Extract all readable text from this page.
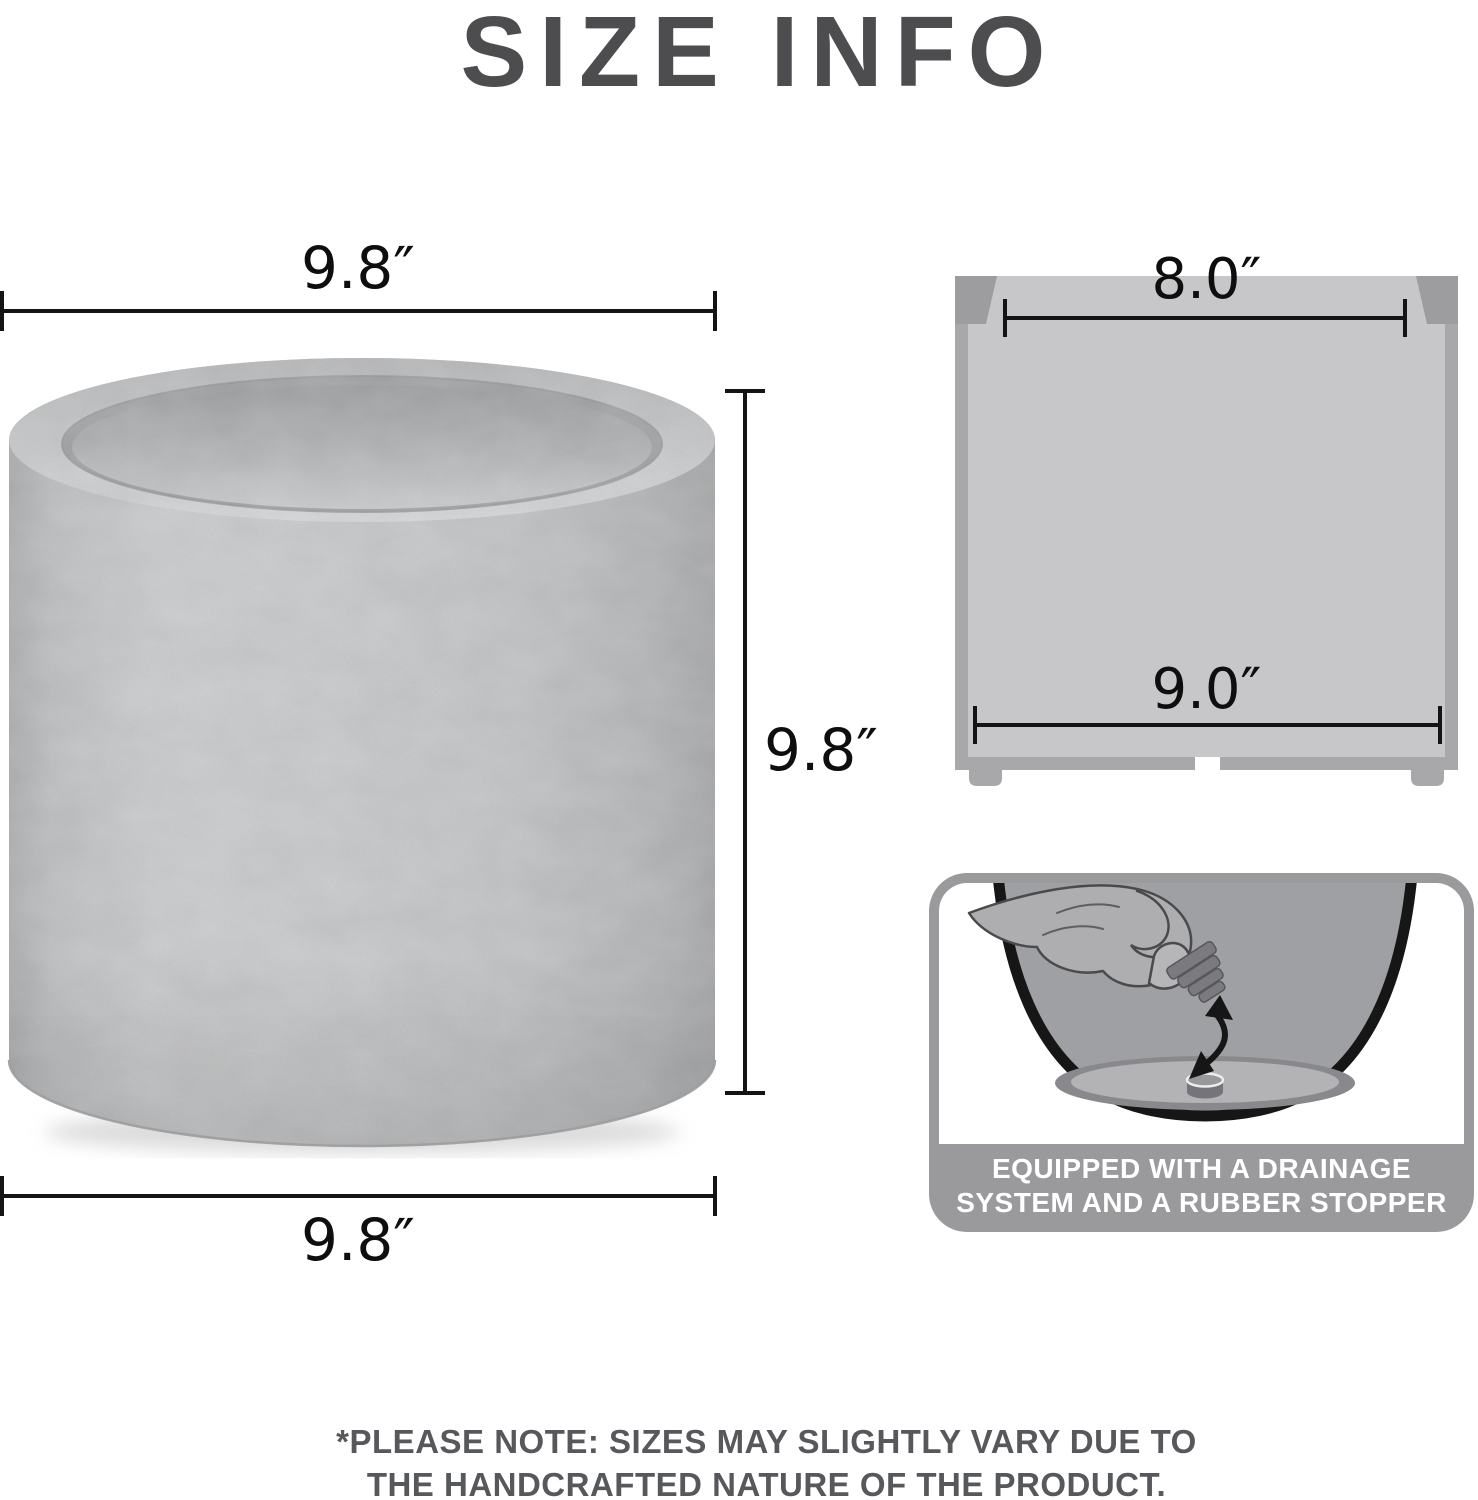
SIZE INFO
9.8″
9.8″
9.8″
8.0″
9.0″
EQUIPPED WITH A DRAINAGE
SYSTEM AND A RUBBER STOPPER
*PLEASE NOTE: SIZES MAY SLIGHTLY VARY DUE TO
THE HANDCRAFTED NATURE OF THE PRODUCT.
